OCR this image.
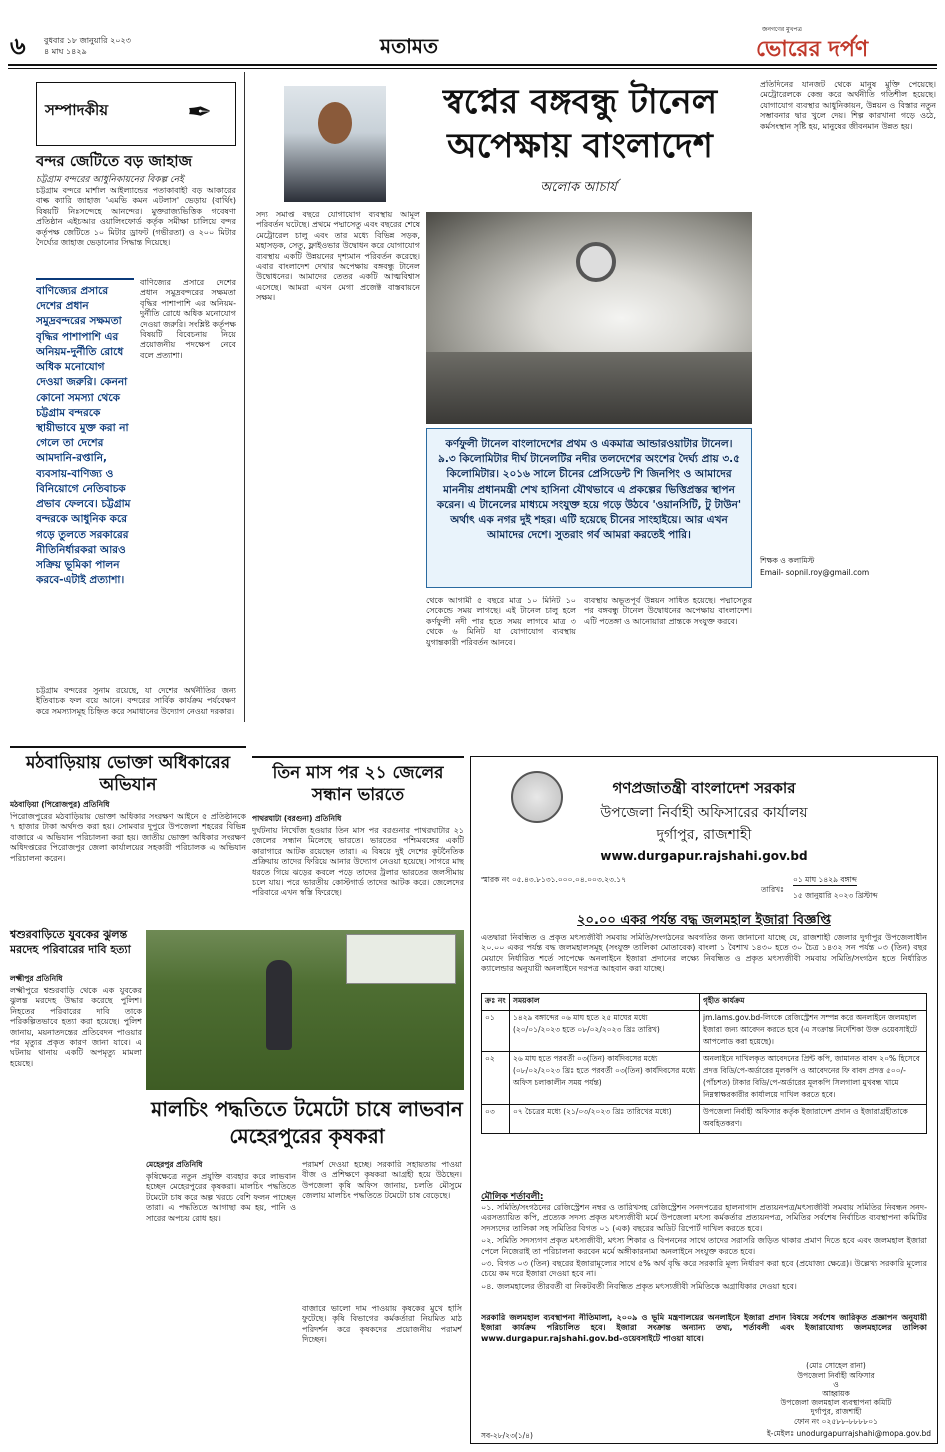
৬	বুধবার ১৮ জানুয়ারি ২০২৩
৪ মাঘ ১৪২৯	মতামত
জনগণের মুখপত্র
ভোরের দর্পণ
সম্পাদকীয়	✒
বন্দর জেটিতে বড় জাহাজ
চট্টগ্রাম বন্দরের আধুনিকায়নের বিকল্প নেই
চট্টগ্রাম বন্দরে মার্শাল আইল্যান্ডের পতাকাবাহী বড় আকারের বাল্ক ক্যারি জাহাজ 'এমভি কমন এটলাস' ভেড়ায় (বার্থিং) বিষয়টি নিঃসন্দেহে আনন্দের। মুক্তরাজ্যভিত্তিক গবেষণা প্রতিষ্ঠান এইচআর ওয়ালিংফোর্ড কর্তৃক সমীক্ষা চালিয়ে বন্দর কর্তৃপক্ষ জেটিতে ১০ মিটার ড্রাফট (গভীরতা) ও ২০০ মিটার দৈর্ঘ্যের জাহাজ ভেড়ানোর সিদ্ধান্ত দিয়েছে।
বাণিজ্যের প্রসারে দেশের প্রধান সমুদ্রবন্দরের সক্ষমতা বৃদ্ধির পাশাপাশি এর অনিয়ম-দুর্নীতি রোধে অধিক মনোযোগ দেওয়া জরুরি। কেননা কোনো সমস্যা থেকে চট্টগ্রাম বন্দরকে স্থায়ীভাবে মুক্ত করা না গেলে তা দেশের আমদানি-রপ্তানি, ব্যবসায়-বাণিজ্য ও বিনিয়োগে নেতিবাচক প্রভাব ফেলবে। চট্টগ্রাম বন্দরকে আধুনিক করে গড়ে তুলতে সরকারের নীতিনির্ধারকরা আরও সক্রিয় ভূমিকা পালন করবে-এটাই প্রত্যাশা।
বাণিজ্যের প্রসারে দেশের প্রধান সমুদ্রবন্দরের সক্ষমতা বৃদ্ধির পাশাপাশি এর অনিয়ম-দুর্নীতি রোধে অধিক মনোযোগ দেওয়া জরুরি। সংশ্লিষ্ট কর্তৃপক্ষ বিষয়টি বিবেচনায় নিয়ে প্রয়োজনীয় পদক্ষেপ নেবে বলে প্রত্যাশা।
চট্টগ্রাম বন্দরের সুনাম রয়েছে, যা দেশের অর্থনীতির জন্য ইতিবাচক ফল বয়ে আনে। বন্দরের সার্বিক কার্যক্রম পর্যবেক্ষণ করে সমস্যাসমূহ চিহ্নিত করে সমাধানের উদ্যোগ নেওয়া দরকার।
স্বপ্নের বঙ্গবন্ধু টানেল অপেক্ষায় বাংলাদেশ
অলোক আচার্য
সদ্য সমাপ্ত বছরে যোগাযোগ ব্যবস্থায় আমূল পরিবর্তন ঘটেছে। প্রথমে পদ্মাসেতু এবং বছরের শেষে মেট্রোরেল চালু এবং তার মধ্যে বিভিন্ন সড়ক, মহাসড়ক, সেতু, ফ্লাইওভার উদ্বোধন করে যোগাযোগ ব্যবস্থায় একটি উন্নয়নের দৃশ্যমান পরিবর্তন করেছে। এবার বাংলাদেশ দেখার অপেক্ষায় বঙ্গবন্ধু টানেল উদ্বোধনের। আমাদের তেতর একটি আত্মবিশ্বাস এসেছে। আমরা এখন মেগা প্রজেক্ট বাস্তবায়নে সক্ষম।
কর্ণফুলী টানেল বাংলাদেশের প্রথম ও একমাত্র আন্ডারওয়াটার টানেল। ৯.৩ কিলোমিটার দীর্ঘ টানেলটির নদীর তলদেশের অংশের দৈর্ঘ্য প্রায় ৩.৫ কিলোমিটার। ২০১৬ সালে চীনের প্রেসিডেন্ট শি জিনপিং ও আমাদের মাননীয় প্রধানমন্ত্রী শেখ হাসিনা যৌথভাবে এ প্রকল্পের ভিত্তিপ্রস্তর স্থাপন করেন। এ টানেলের মাধ্যমে সংযুক্ত হয়ে গড়ে উঠবে 'ওয়ানসিটি, টু টাউন' অর্থাৎ এক নগর দুই শহর। এটি হয়েছে চীনের সাংহাইয়ে। আর এখন আমাদের দেশে। সুতরাং গর্ব আমরা করতেই পারি।
প্রতিদিনের যানজট থেকে মানুষ মুক্তি পেয়েছে। মেট্রোরেলকে কেন্দ্র করে অর্থনীতি গতিশীল হয়েছে। যোগাযোগ ব্যবস্থার আধুনিকায়ন, উন্নয়ন ও বিস্তার নতুন সম্ভাবনার দ্বার খুলে দেয়। শিল্প কারখানা গড়ে ওঠে, কর্মসংস্থান সৃষ্টি হয়, মানুষের জীবনমান উন্নত হয়।
শিক্ষক ও কলামিস্ট
Email- sopnil.roy@gmail.com
থেকে আগামী ৫ বছরে মাত্র ১০ মিনিট ১০ সেকেন্ডে সময় লাগছে। এই টানেল চালু হলে কর্ণফুলী নদী পার হতে সময় লাগবে মাত্র ৩ থেকে ৬ মিনিট যা যোগাযোগ ব্যবস্থায় যুগান্তকারী পরিবর্তন আনবে।
ব্যবস্থায় অভূতপূর্ব উন্নয়ন সাধিত হয়েছে। পদ্মাসেতুর পর বঙ্গবন্ধু টানেল উদ্বোধনের অপেক্ষায় বাংলাদেশ। এটি পতেঙ্গা ও আনোয়ারা প্রান্তকে সংযুক্ত করবে।
তিন মাস পর ২১ জেলের সন্ধান ভারতে
পাথরঘাটা (বরগুনা) প্রতিনিধি
দুর্ঘটনায় নিখোঁজ হওয়ার তিন মাস পর বরগুনার পাথরঘাটার ২১ জেলের সন্ধান মিলেছে ভারতে। ভারতের পশ্চিমবঙ্গের একটি কারাগারে আটক রয়েছেন তারা। এ বিষয়ে দুই দেশের কূটনৈতিক প্রক্রিয়ায় তাদের ফিরিয়ে আনার উদ্যোগ নেওয়া হয়েছে। সাগরে মাছ ধরতে গিয়ে ঝড়ের কবলে পড়ে তাদের ট্রলার ভারতের জলসীমায় চলে যায়। পরে ভারতীয় কোস্টগার্ড তাদের আটক করে। জেলেদের পরিবারে এখন স্বস্তি ফিরেছে।
মঠবাড়িয়ায় ভোক্তা অধিকারের অভিযান
মঠবাড়িয়া (পিরোজপুর) প্রতিনিধি
পিরোজপুরের মঠবাড়িয়ায় ভোক্তা অধিকার সংরক্ষণ আইনে ৫ প্রতিষ্ঠানকে ৭ হাজার টাকা অর্থদণ্ড করা হয়। সোমবার দুপুরে উপজেলা শহরের বিভিন্ন বাজারে এ অভিযান পরিচালনা করা হয়। জাতীয় ভোক্তা অধিকার সংরক্ষণ অধিদপ্তরের পিরোজপুর জেলা কার্যালয়ের সহকারী পরিচালক এ অভিযান পরিচালনা করেন।
শ্বশুরবাড়িতে যুবকের ঝুলন্ত মরদেহ পরিবারের দাবি হত্যা
লক্ষ্মীপুর প্রতিনিধি
লক্ষ্মীপুরে শ্বশুরবাড়ি থেকে এক যুবকের ঝুলন্ত মরদেহ উদ্ধার করেছে পুলিশ। নিহতের পরিবারের দাবি তাকে পরিকল্পিতভাবে হত্যা করা হয়েছে। পুলিশ জানায়, ময়নাতদন্তের প্রতিবেদন পাওয়ার পর মৃত্যুর প্রকৃত কারণ জানা যাবে। এ ঘটনায় থানায় একটি অপমৃত্যু মামলা হয়েছে।
মালচিং পদ্ধতিতে টমেটো চাষে লাভবান মেহেরপুরের কৃষকরা
মেহেরপুর প্রতিনিধি
কৃষিক্ষেত্রে নতুন প্রযুক্তি ব্যবহার করে লাভবান হচ্ছেন মেহেরপুরের কৃষকরা। মালচিং পদ্ধতিতে টমেটো চাষ করে অল্প খরচে বেশি ফলন পাচ্ছেন তারা। এ পদ্ধতিতে আগাছা কম হয়, পানি ও সারের অপচয় রোধ হয়।
পরামর্শ দেওয়া হচ্ছে। সরকারি সহায়তায় পাওয়া বীজ ও প্রশিক্ষণে কৃষকরা আগ্রহী হয়ে উঠছেন। উপজেলা কৃষি অফিস জানায়, চলতি মৌসুমে জেলায় মালচিং পদ্ধতিতে টমেটো চাষ বেড়েছে।
বাজারে ভালো দাম পাওয়ায় কৃষকের মুখে হাসি ফুটেছে। কৃষি বিভাগের কর্মকর্তারা নিয়মিত মাঠ পরিদর্শন করে কৃষকদের প্রয়োজনীয় পরামর্শ দিচ্ছেন।
গণপ্রজাতন্ত্রী বাংলাদেশ সরকার
উপজেলা নির্বাহী অফিসারের কার্যালয়
দুর্গাপুর, রাজশাহী
www.durgapur.rajshahi.gov.bd
স্মারক নং ০৫.৪৩.৮১৩১.০০০.০৪.০০৩.২৩.১৭
তারিখঃ
০১ মাঘ ১৪২৯ বঙ্গাব্দ
১৫ জানুয়ারি ২০২৩ খ্রিস্টাব্দ
২০.০০ একর পর্যন্ত বদ্ধ জলমহাল ইজারা বিজ্ঞপ্তি
এতদ্বারা নিবন্ধিত ও প্রকৃত মৎস্যজীবী সমবায় সমিতি/সংগঠনের অবগতির জন্য জানানো যাচ্ছে যে, রাজশাহী জেলার দুর্গাপুর উপজেলাধীন ২০.০০ একর পর্যন্ত বদ্ধ জলমহালসমূহ (সংযুক্ত তালিকা মোতাবেক) বাংলা ১ বৈশাখ ১৪৩০ হতে ৩০ চৈত্র ১৪৩২ সন পর্যন্ত ০৩ (তিন) বছর মেয়াদে নির্ধারিত শর্তে সাপেক্ষে অনলাইনে ইজারা প্রদানের লক্ষ্যে নিবন্ধিত ও প্রকৃত মৎস্যজীবী সমবায় সমিতি/সংগঠন হতে নির্ধারিত ক্যালেন্ডার অনুযায়ী অনলাইনে দরপত্র আহবান করা যাচ্ছে।
ক্রঃ নং	সময়কাল	গৃহীত কার্যক্রম
০১	১৪২৯ বঙ্গাব্দের ০৬ মাঘ হতে ২৫ মাঘের মধ্যে (২০/০১/২০২৩ হতে ০৮/০২/২০২৩ খ্রিঃ তারিখ)	jm.lams.gov.bd-লিংকে রেজিস্ট্রেশন সম্পন্ন করে অনলাইনে জলমহাল ইজারা জন্য আবেদন করতে হবে (এ সংক্রান্ত নির্দেশিকা উক্ত ওয়েবসাইটে আপলোড করা হয়েছে)।
০২	২৬ মাঘ হতে পরবর্তী ০৩(তিন) কার্যদিবসের মধ্যে (০৮/০২/২০২৩ খ্রিঃ হতে পরবর্তী ০৩(তিন) কার্যদিবসের মধ্যে অফিস চলাকালীন সময় পর্যন্ত)	অনলাইনে দাখিলকৃত আবেদনের প্রিন্ট কপি, জামানত বাবদ ২০% হিসেবে প্রদত্ত বিডি/পে-অর্ডারের মূলকপি ও আবেদনের ফি বাবদ প্রদত্ত ৫০০/-(পাঁচশত) টাকার বিডি/পে-অর্ডারের মূলকপি সিলগালা মুখবন্ধ খামে নিম্নস্বাক্ষরকারীর কার্যালয়ে দাখিল করতে হবে।
০৩	০৭ চৈত্রের মধ্যে (২১/০৩/২০২৩ খ্রিঃ তারিখের মধ্যে)	উপজেলা নির্বাহী অফিসার কর্তৃক ইজারাদেশ প্রদান ও ইজারাগ্রহীতাকে অবহিতকরণ।
মৌলিক শর্তাবলী:
০১. সমিতি/সংগঠনের রেজিস্ট্রেশন নম্বর ও তারিখসহ রেজিস্ট্রেশন সনদপত্রের হালনাগাদ প্রত্যয়নপত্র/মৎস্যজীবী সমবায় সমিতির নিবন্ধন সনদ-এরসত্যায়িত কপি, প্রত্যেক সদস্য প্রকৃত মৎস্যজীবী মর্মে উপজেলা মৎস্য কর্মকর্তার প্রত্যয়নপত্র, সমিতির সর্বশেষ নির্বাচিত ব্যবস্থাপনা কমিটির সদস্যদের তালিকা সহ সমিতির বিগত ০১ (এক) বছরের অডিট রিপোর্ট দাখিল করতে হবে।
০২. সমিতি সদস্যগণ প্রকৃত মৎস্যজীবী, মৎস্য শিকার ও বিপননের সাথে তাদের সরাসরি জড়িত থাকার প্রমাণ দিতে হবে এবং জলমহাল ইজারা পেলে নিজেরাই তা পরিচালনা করবেন মর্মে অঙ্গীকারনামা অনলাইনে সংযুক্ত করতে হবে।
০৩. বিগত ০৩ (তিন) বছরের ইজারামূল্যের সাথে ৫% অর্থ বৃদ্ধি করে সরকারি মূল্য নির্ধারণ করা হবে (প্রযোজ্য ক্ষেত্রে)। উল্লেখ্য সরকারি মূল্যের চেয়ে কম দরে ইজারা দেওয়া হবে না।
০৪. জলমহালের তীরবর্তী বা নিকটবর্তী নিবন্ধিত প্রকৃত মৎস্যজীবী সমিতিকে অগ্রাধিকার দেওয়া হবে।
সরকারি জলমহাল ব্যবস্থাপনা নীতিমালা, ২০০৯ ও ভূমি মন্ত্রণালয়ের অনলাইনে ইজারা প্রদান বিষয়ে সর্বশেষ জারিকৃত প্রজ্ঞাপন অনুযায়ী ইজারা কার্যক্রম পরিচালিত হবে। ইজারা সংক্রান্ত অন্যান্য তথ্য, শর্তাবলী এবং ইজারাযোগ্য জলমহালের তালিকা www.durgapur.rajshahi.gov.bd-ওয়েবসাইটে পাওয়া যাবে।
(মোঃ সোহেল রানা)
উপজেলা নির্বাহী অফিসার
ও
আহ্বায়ক
উপজেলা জলমহাল ব্যবস্থাপনা কমিটি
দুর্গাপুর, রাজশাহী
ফোন নং ০২৫৮৮-৮৮৮৮০১
ই-মেইলঃ unodurgapurrajshahi@mopa.gov.bd
সব-২৮/২৩(১/৪)
